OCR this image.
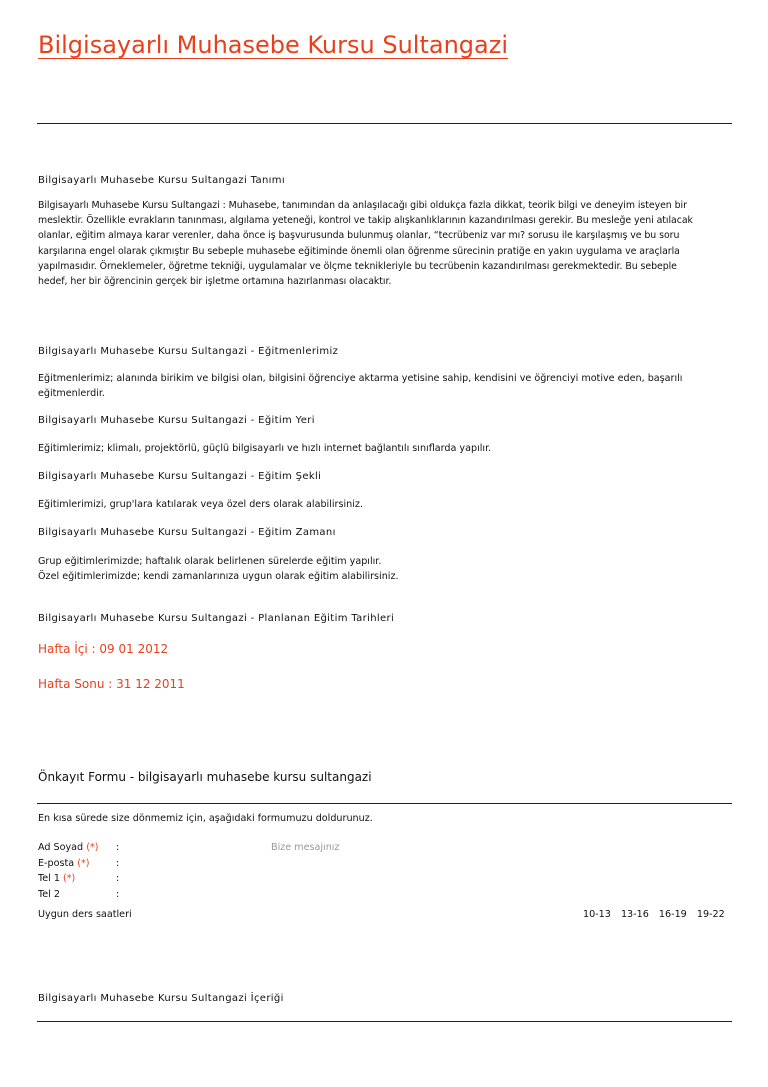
Bilgisayarlı Muhasebe Kursu Sultangazi
Bilgisayarlı Muhasebe Kursu Sultangazi Tanımı

Bilgisayarlı Muhasebe Kursu Sultangazi : Muhasebe, tanımından da anlaşılacağı gibi oldukça fazla dikkat, teorik bilgi ve deneyim isteyen bir

meslektir. Özellikle evrakların tanınması, algılama yeteneği, kontrol ve takip alışkanlıklarının kazandırılması gerekir. Bu mesleğe yeni atılacak

olanlar, eğitim almaya karar verenler, daha önce iş başvurusunda bulunmuş olanlar, “tecrübeniz var mı? sorusu ile karşılaşmış ve bu soru

karşılarına engel olarak çıkmıştır Bu sebeple muhasebe eğitiminde önemli olan öğrenme sürecinin pratiğe en yakın uygulama ve araçlarla

yapılmasıdır. Örneklemeler, öğretme tekniği, uygulamalar ve ölçme teknikleriyle bu tecrübenin kazandırılması gerekmektedir. Bu sebeple

hedef, her bir öğrencinin gerçek bir işletme ortamına hazırlanması olacaktır.

Bilgisayarlı Muhasebe Kursu Sultangazi - Eğitmenlerimiz

Eğitmenlerimiz; alanında birikim ve bilgisi olan, bilgisini öğrenciye aktarma yetisine sahip, kendisini ve öğrenciyi motive eden, başarılı

eğitmenlerdir.

Bilgisayarlı Muhasebe Kursu Sultangazi - Eğitim Yeri

Eğitimlerimiz; klimalı, projektörlü, güçlü bilgisayarlı ve hızlı internet bağlantılı sınıflarda yapılır.

Bilgisayarlı Muhasebe Kursu Sultangazi - Eğitim Şekli

Eğitimlerimizi, grup'lara katılarak veya özel ders olarak alabilirsiniz.

Bilgisayarlı Muhasebe Kursu Sultangazi - Eğitim Zamanı

Grup eğitimlerimizde; haftalık olarak belirlenen sürelerde eğitim yapılır.

Özel eğitimlerimizde; kendi zamanlarınıza uygun olarak eğitim alabilirsiniz.

Bilgisayarlı Muhasebe Kursu Sultangazi - Planlanan Eğitim Tarihleri
Hafta İçi : 09 01 2012
Hafta Sonu : 31 12 2011
Önkayıt Formu - bilgisayarlı muhasebe kursu sultangazi
En kısa sürede size dönmemiz için, aşağıdaki formumuzu doldurunuz.
Ad Soyad (*) :
E-posta (*)	:
Tel 1 (*)	:
Tel 2	:
Bize mesajınız
Uygun ders saatleri	10-13 13-16 16-19 19-22
Bilgisayarlı Muhasebe Kursu Sultangazi İçeriği
